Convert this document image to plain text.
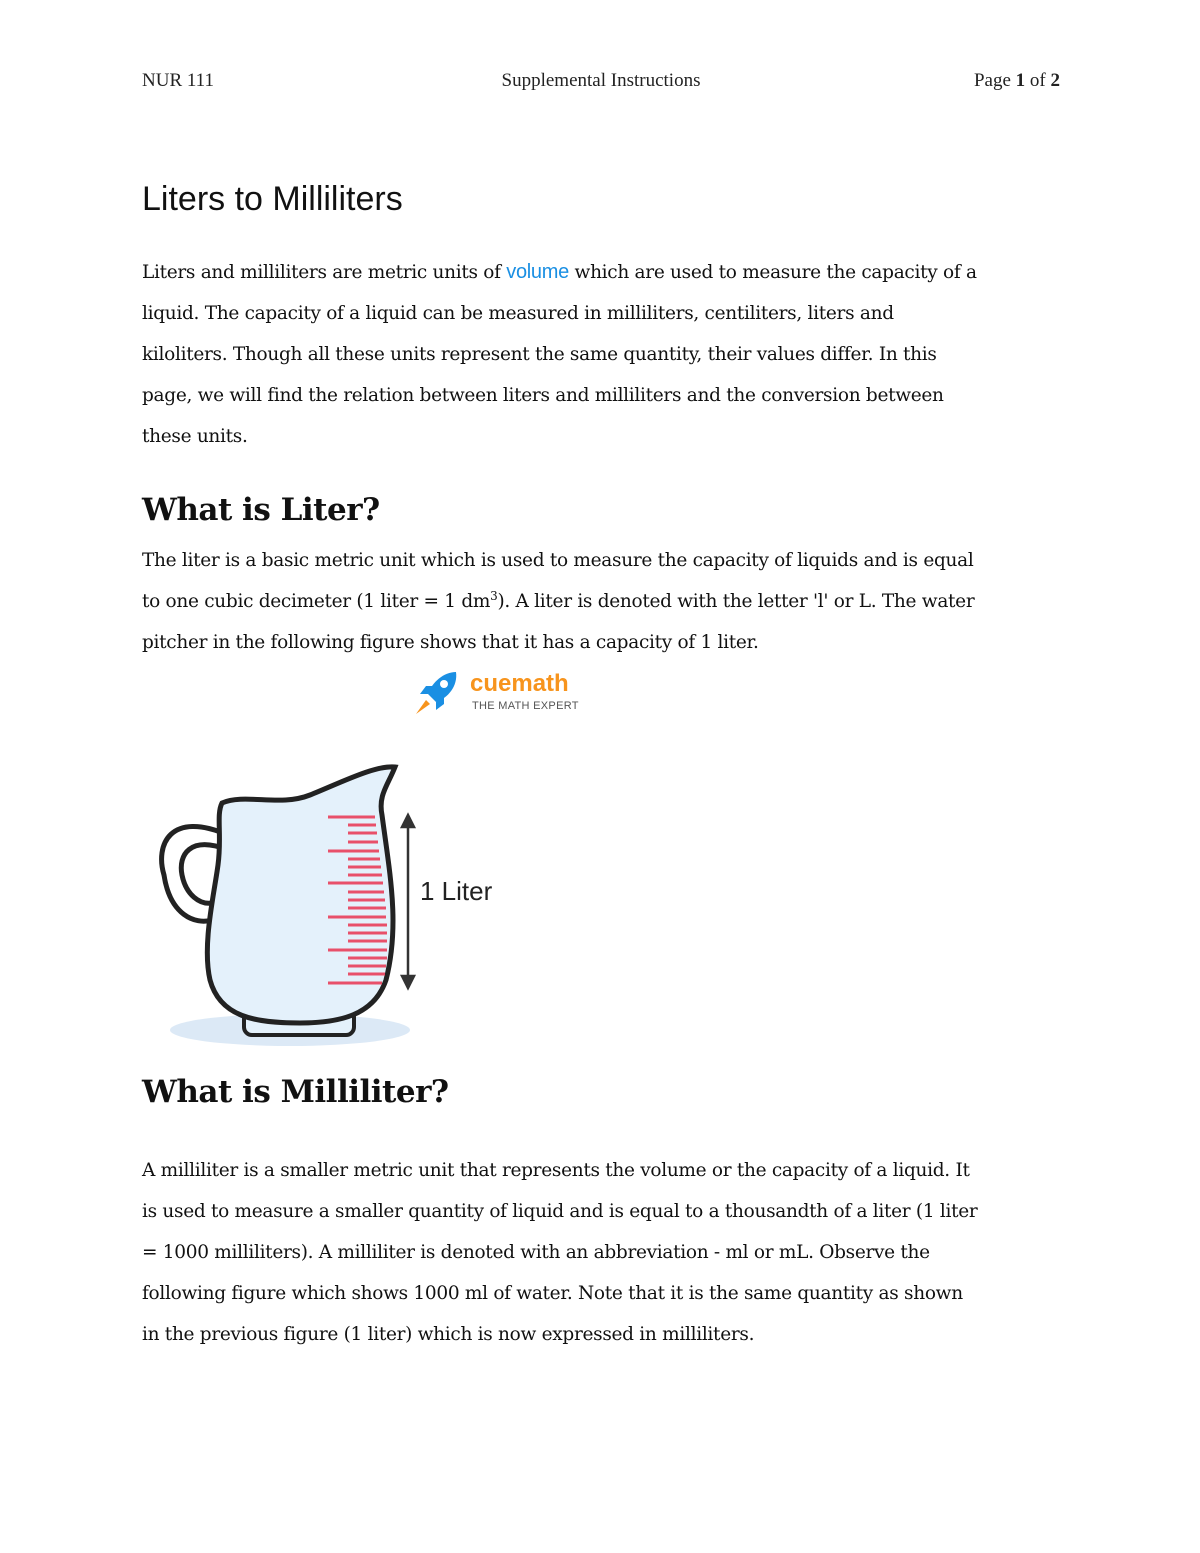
NUR 111	Supplemental Instructions	Page 1 of 2
Liters to Milliliters
Liters and milliliters are metric units of volume which are used to measure the capacity of a
liquid. The capacity of a liquid can be measured in milliliters, centiliters, liters and
kiloliters. Though all these units represent the same quantity, their values differ. In this
page, we will find the relation between liters and milliliters and the conversion between
these units.
What is Liter?
The liter is a basic metric unit which is used to measure the capacity of liquids and is equal
to one cubic decimeter (1 liter = 1 $dm^3$). A liter is denoted with the letter 'l' or L. The water
pitcher in the following figure shows that it has a capacity of 1 liter.
cuemath
THE MATH EXPERT
1 Liter
What is Milliliter?
A milliliter is a smaller metric unit that represents the volume or the capacity of a liquid. It
is used to measure a smaller quantity of liquid and is equal to a thousandth of a liter (1 liter
= 1000 milliliters). A milliliter is denoted with an abbreviation - ml or mL. Observe the
following figure which shows 1000 ml of water. Note that it is the same quantity as shown
in the previous figure (1 liter) which is now expressed in milliliters.
